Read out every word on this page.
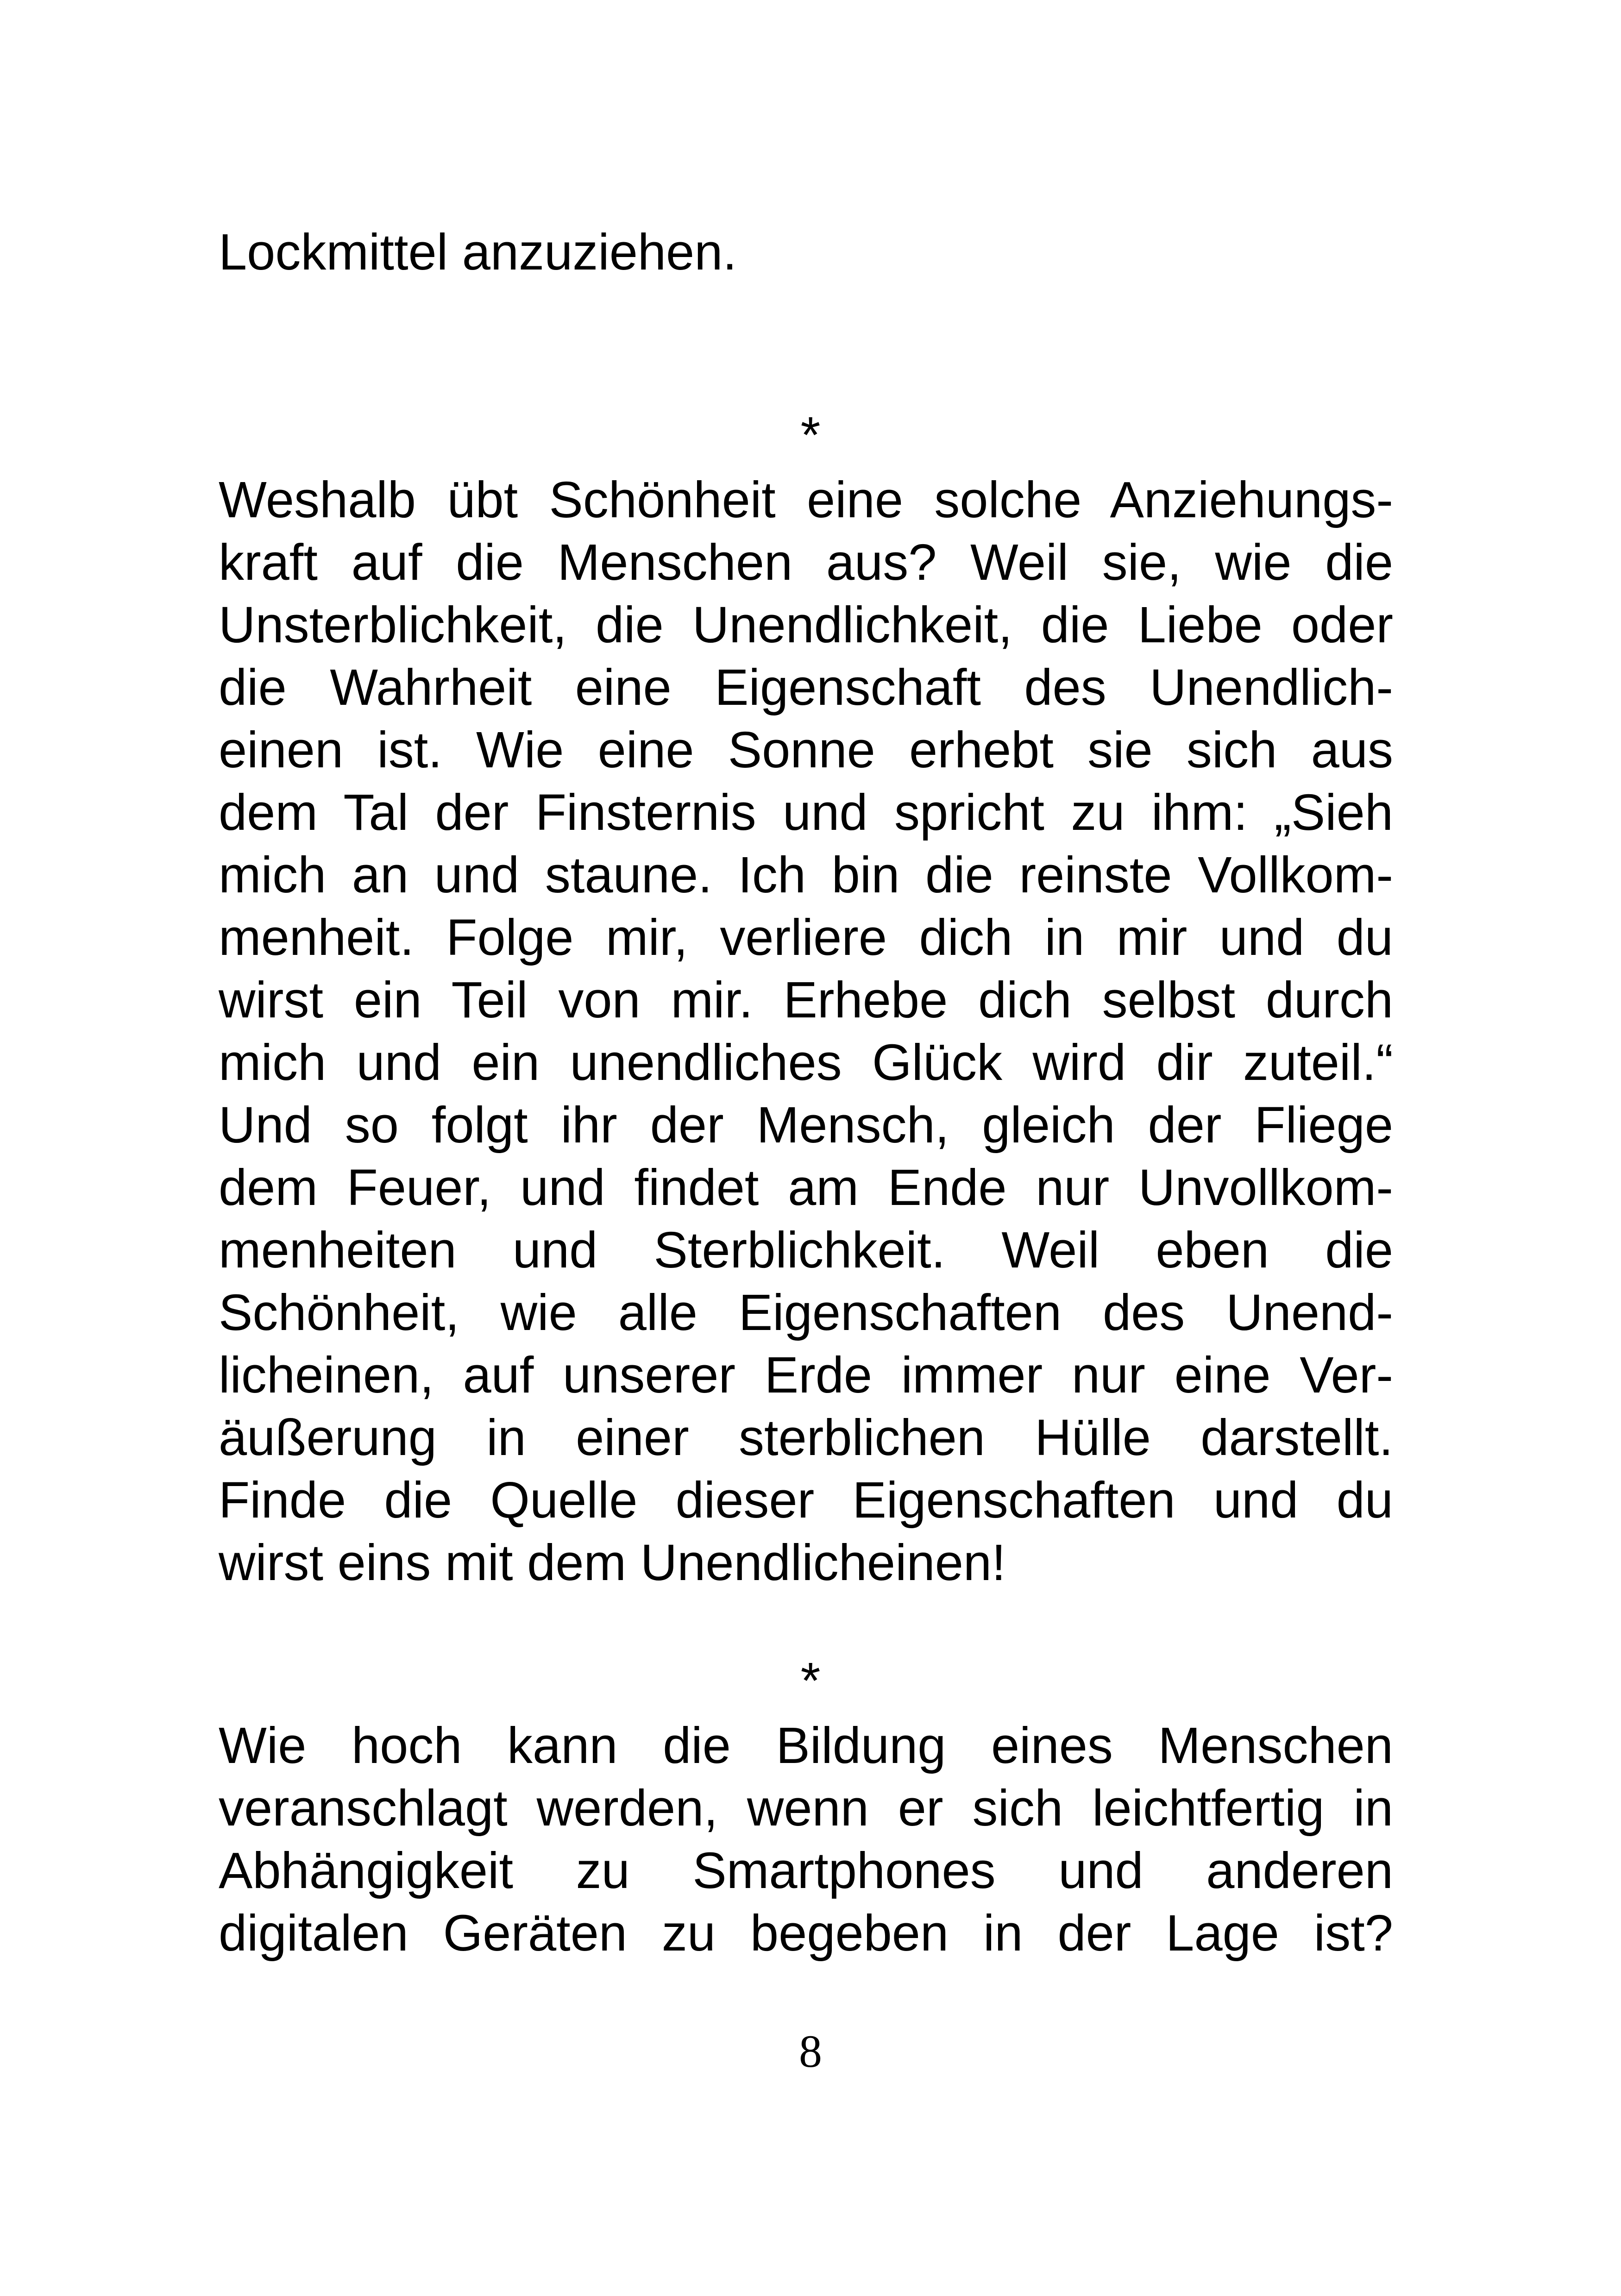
Lockmittel anzuziehen.
*
Weshalb übt Schönheit eine solche Anziehungs-
kraft auf die Menschen aus? Weil sie, wie die
Unsterblichkeit, die Unendlichkeit, die Liebe oder
die Wahrheit eine Eigenschaft des Unendlich-
einen ist. Wie eine Sonne erhebt sie sich aus
dem Tal der Finsternis und spricht zu ihm: „Sieh
mich an und staune. Ich bin die reinste Vollkom-
menheit. Folge mir, verliere dich in mir und du
wirst ein Teil von mir. Erhebe dich selbst durch
mich und ein unendliches Glück wird dir zuteil.“
Und so folgt ihr der Mensch, gleich der Fliege
dem Feuer, und findet am Ende nur Unvollkom-
menheiten und Sterblichkeit. Weil eben die
Schönheit, wie alle Eigenschaften des Unend-
licheinen, auf unserer Erde immer nur eine Ver-
äußerung in einer sterblichen Hülle darstellt.
Finde die Quelle dieser Eigenschaften und du
wirst eins mit dem Unendlicheinen!
*
Wie hoch kann die Bildung eines Menschen
veranschlagt werden, wenn er sich leichtfertig in
Abhängigkeit zu Smartphones und anderen
digitalen Geräten zu begeben in der Lage ist?
8
